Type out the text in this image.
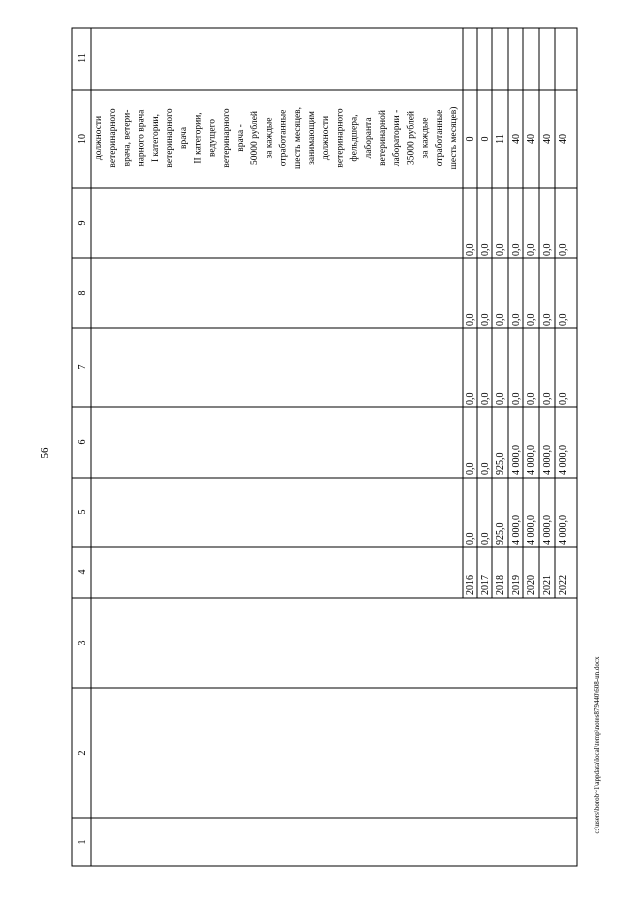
56
1
2
3
4
5
6
7
8
9
10
11
должности ветеринарного врача, ветери- нарного врача I категории, ветеринарного врача II категории, ведущего ветеринарного врача - 50000 рублей за каждые отработанные шесть месяцев, занимающим должности ветеринарного фельдшера, лаборанта ветеринарной лаборатории - 35000 рублей за каждые отработанные шесть месяцев)
2016
0,0
0,0
0,0
0,0
0,0
0
2017
0,0
0,0
0,0
0,0
0,0
0
2018
925,0
925,0
0,0
0,0
0,0
11
2019
4 000,0
4 000,0
0,0
0,0
0,0
40
2020
4 000,0
4 000,0
0,0
0,0
0,0
40
2021
4 000,0
4 000,0
0,0
0,0
0,0
40
2022
4 000,0
4 000,0
0,0
0,0
0,0
40
c:\users\borob~1\appdata\local\temp\notes879440\608-un.docx
